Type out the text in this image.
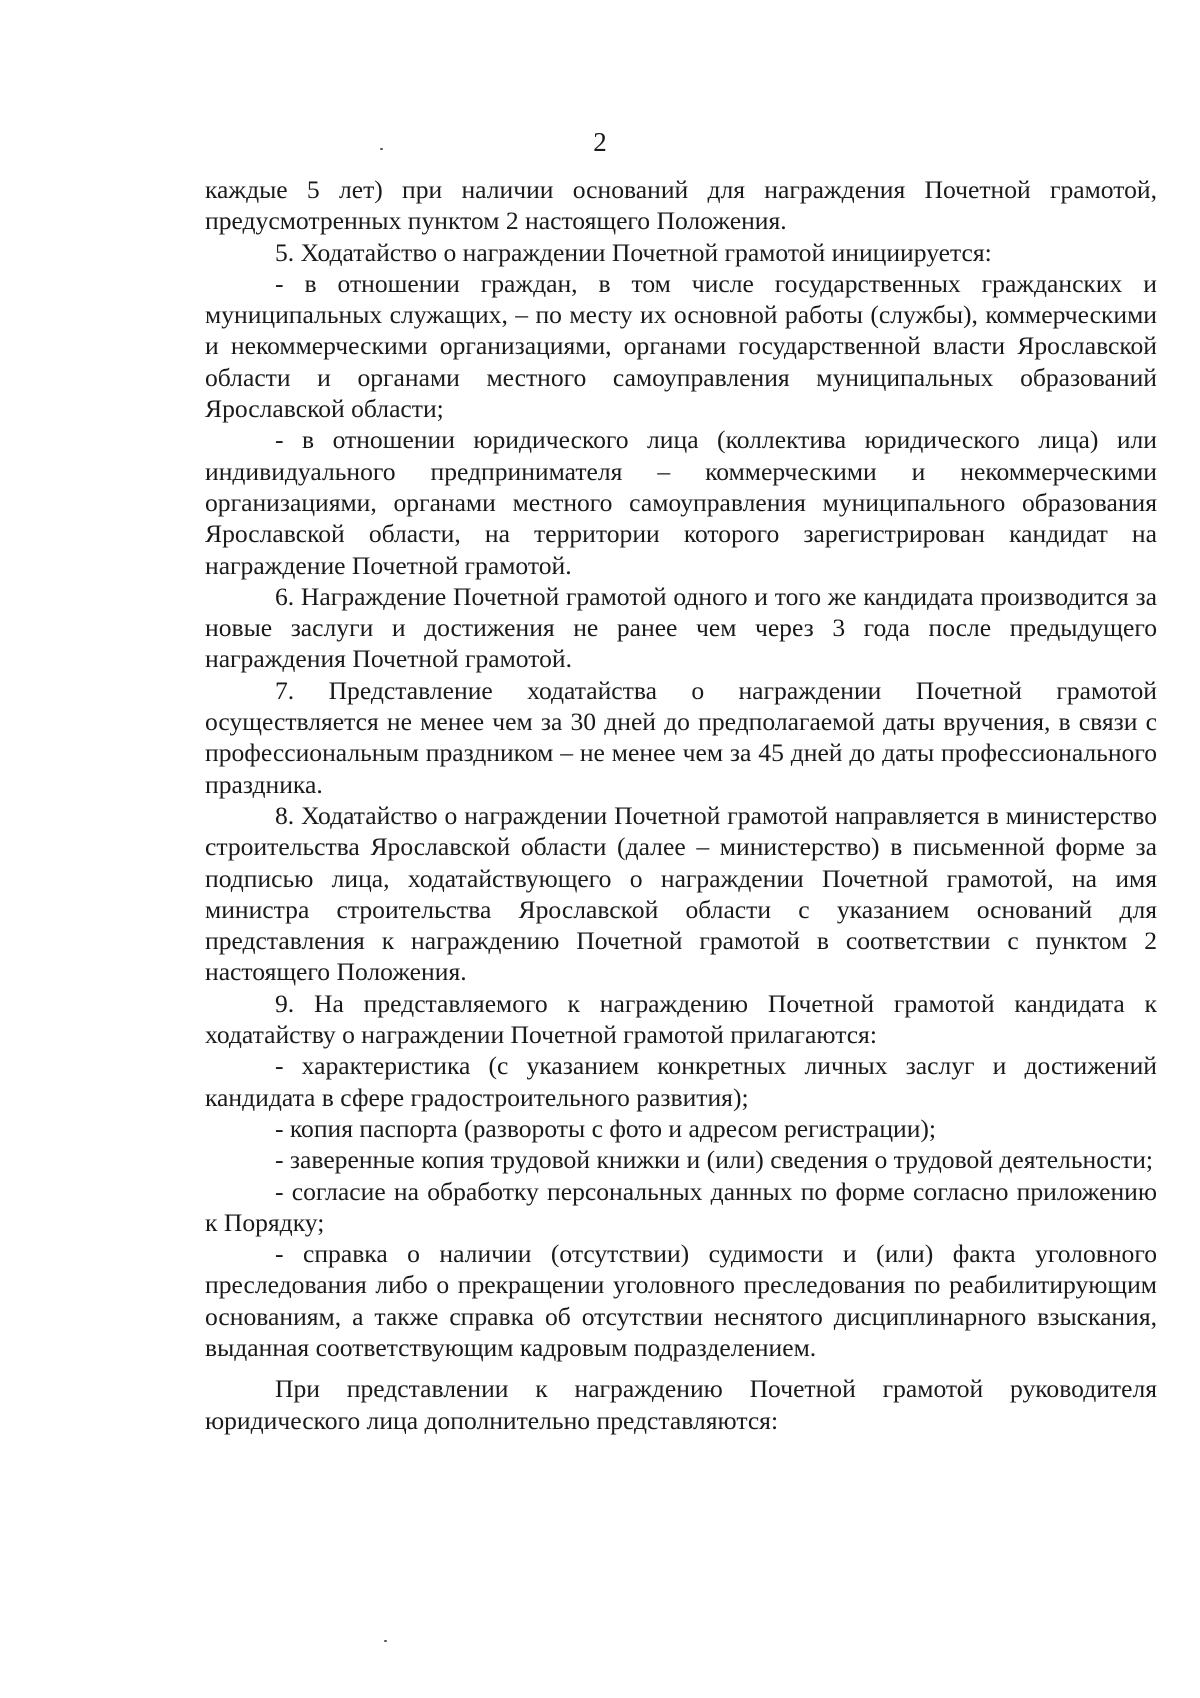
2

каждые 5 лет) при наличии оснований для награждения Почетной грамотой, предусмотренных пунктом 2 настоящего Положения.

5. Ходатайство о награждении Почетной грамотой инициируется:

- в отношении граждан, в том числе государственных гражданских и муниципальных служащих, – по месту их основной работы (службы), коммерческими и некоммерческими организациями, органами государственной власти Ярославской области и органами местного самоуправления муниципальных образований Ярославской области;

- в отношении юридического лица (коллектива юридического лица) или индивидуального предпринимателя – коммерческими и некоммерческими организациями, органами местного самоуправления муниципального образования Ярославской области, на территории которого зарегистрирован кандидат на награждение Почетной грамотой.

6. Награждение Почетной грамотой одного и того же кандидата производится за новые заслуги и достижения не ранее чем через 3 года после предыдущего награждения Почетной грамотой.

7. Представление ходатайства о награждении Почетной грамотой осуществляется не менее чем за 30 дней до предполагаемой даты вручения, в связи с профессиональным праздником – не менее чем за 45 дней до даты профессионального праздника.

8. Ходатайство о награждении Почетной грамотой направляется в министерство строительства Ярославской области (далее – министерство) в письменной форме за подписью лица, ходатайствующего о награждении Почетной грамотой, на имя министра строительства Ярославской области с указанием оснований для представления к награждению Почетной грамотой в соответствии с пунктом 2 настоящего Положения.

9. На представляемого к награждению Почетной грамотой кандидата к ходатайству о награждении Почетной грамотой прилагаются:

- характеристика (с указанием конкретных личных заслуг и достижений кандидата в сфере градостроительного развития);

- копия паспорта (развороты с фото и адресом регистрации);

- заверенные копия трудовой книжки и (или) сведения о трудовой деятельности;

- согласие на обработку персональных данных по форме согласно приложению к Порядку;

- справка о наличии (отсутствии) судимости и (или) факта уголовного преследования либо о прекращении уголовного преследования по реабилитирующим основаниям, а также справка об отсутствии неснятого дисциплинарного взыскания, выданная соответствующим кадровым подразделением.

При представлении к награждению Почетной грамотой руководителя юридического лица дополнительно представляются:
